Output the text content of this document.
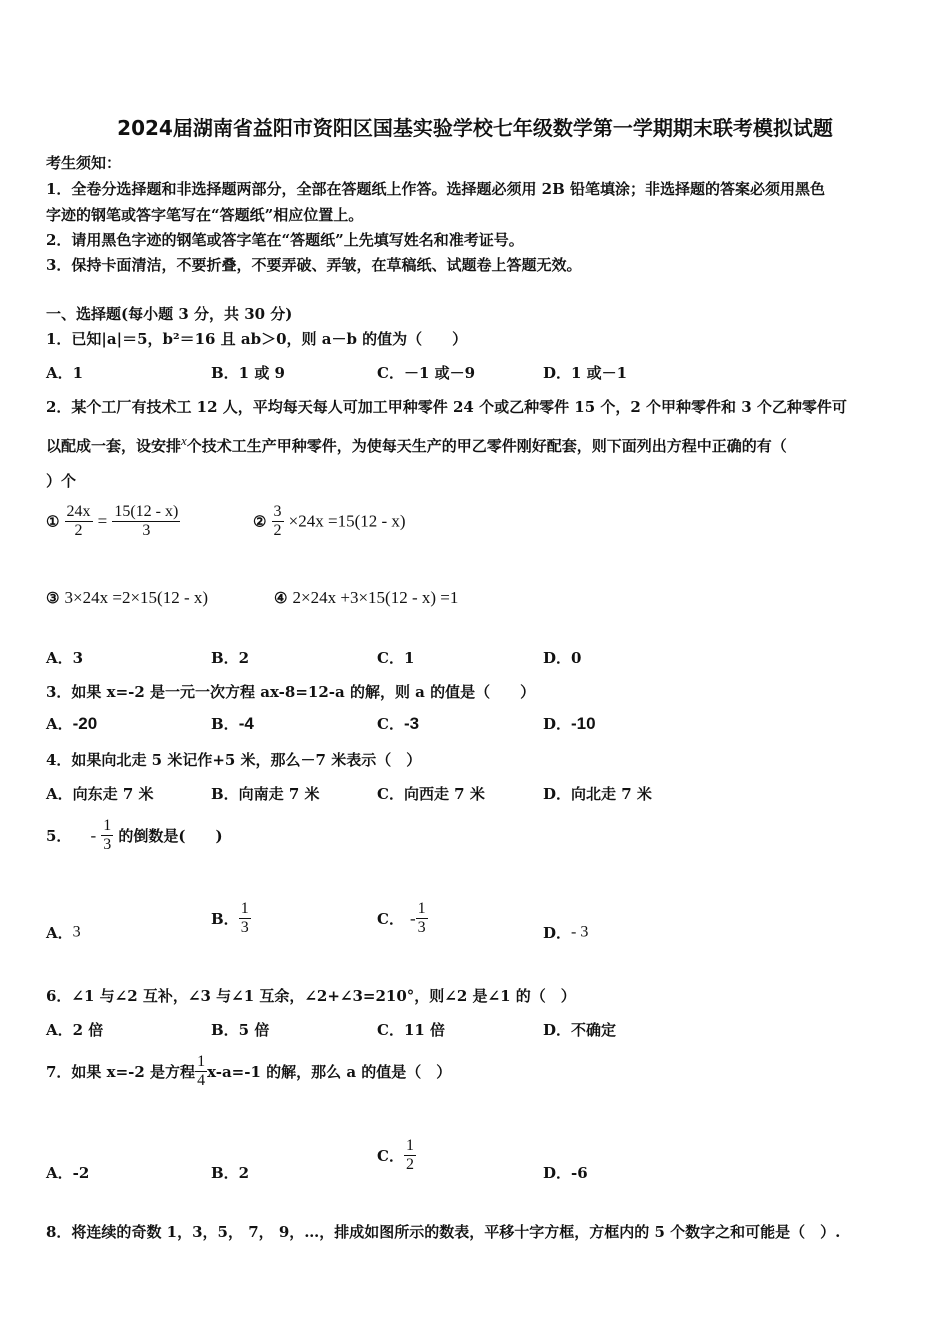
2024届湖南省益阳市资阳区国基实验学校七年级数学第一学期期末联考模拟试题
考生须知：
1．全卷分选择题和非选择题两部分，全部在答题纸上作答。选择题必须用 2B 铅笔填涂；非选择题的答案必须用黑色
字迹的钢笔或答字笔写在“答题纸”相应位置上。
2．请用黑色字迹的钢笔或答字笔在“答题纸”上先填写姓名和准考证号。
3．保持卡面清洁，不要折叠，不要弄破、弄皱，在草稿纸、试题卷上答题无效。
一、选择题(每小题 3 分，共 30 分)
1．已知|a|＝5，b²＝16 且 ab＞0，则 a－b 的值为（　　）
A．1	B．1 或 9	C．－1 或－9	D．1 或－1
2．某个工厂有技术工 12 人，平均每天每人可加工甲种零件 24 个或乙种零件 15 个，2 个甲种零件和 3 个乙种零件可
以配成一套，设安排x个技术工生产甲种零件，为使每天生产的甲乙零件刚好配套，则下面列出方程中正确的有（
）个
① $\frac{24x}{2} = \frac{15(12 - x)}{3}$	② $\frac{3}{2} \times 24x =15(12 - x)$
③ 3×24x =2×15(12 - x)	④ 2×24x +3×15(12 - x) =1
A．3	B．2	C．1	D．0
3．如果 x=-2 是一元一次方程 ax-8=12-a 的解，则 a 的值是（　　）
A．-20	B．-4	C．-3	D．-10
4．如果向北走 5 米记作+5 米，那么－7 米表示（　）
A．向东走 7 米	B．向南走 7 米	C．向西走 7 米	D．向北走 7 米
5． - $\frac{1}{3}$ 的倒数是(　　)
A．3
B． $\frac{1}{3}$	C． - $\frac{1}{3}$	D．- 3
6．∠1 与∠2 互补，∠3 与∠1 互余，∠2+∠3=210°，则∠2 是∠1 的（　）
A．2 倍	B．5 倍	C．11 倍	D．不确定
7．如果 x=-2 是方程 $\frac{1}{4} x-a=-1$ 的解，那么 a 的值是（　）
A．-2	B．2
C． $\frac{1}{2}$	D．-6
8．将连续的奇数 1，3，5， 7， 9，…，排成如图所示的数表，平移十字方框，方框内的 5 个数字之和可能是（　）.
